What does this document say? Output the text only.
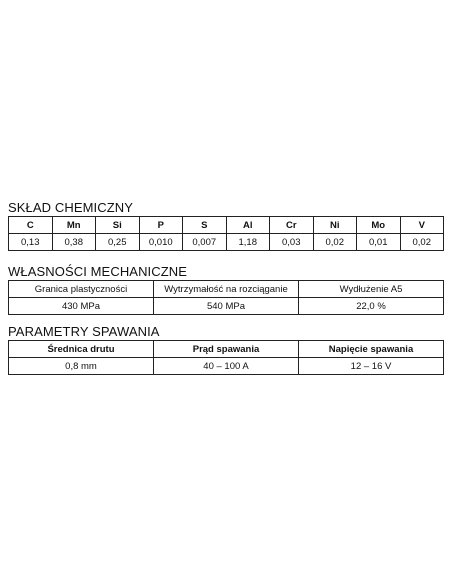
SKŁAD CHEMICZNY
C	Mn	Si	P	S	Al	Cr	Ni	Mo	V
0,13	0,38	0,25	0,010	0,007	1,18	0,03	0,02	0,01	0,02
WŁASNOŚCI MECHANICZNE
Granica plastyczności	Wytrzymałość na rozciąganie	Wydłużenie A5
430 MPa	540 MPa	22,0 %
PARAMETRY SPAWANIA
Średnica drutu	Prąd spawania	Napięcie spawania
0,8 mm	40 – 100 A	12 – 16 V
